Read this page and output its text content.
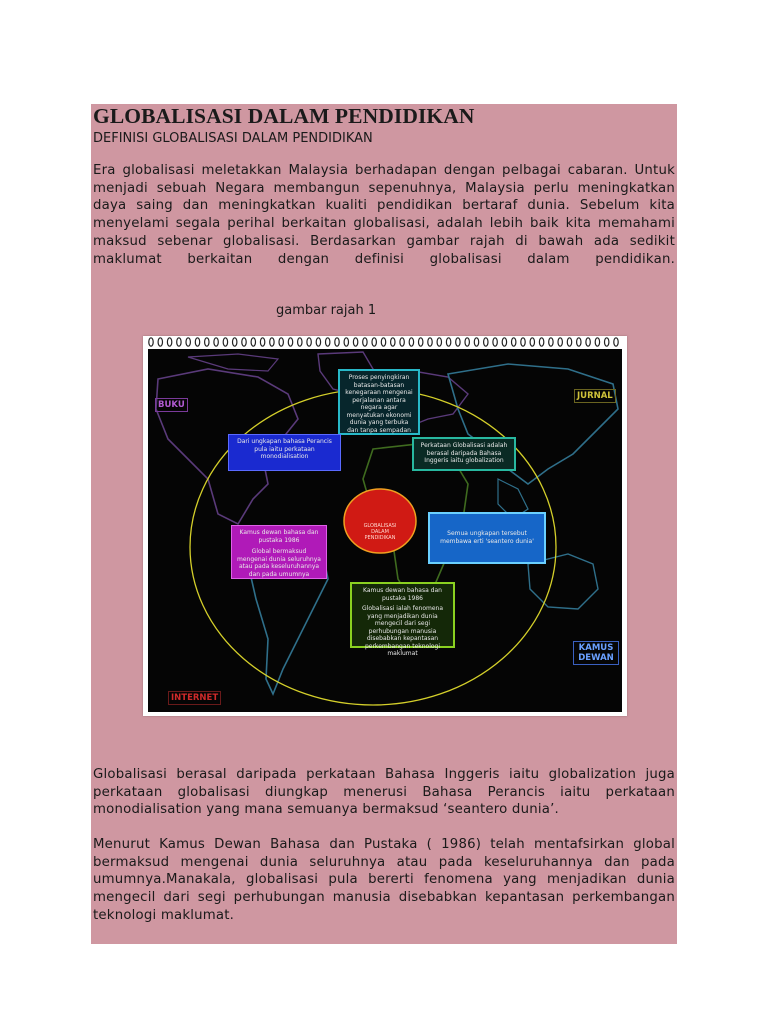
GLOBALISASI DALAM PENDIDIKAN
DEFINISI GLOBALISASI DALAM PENDIDIKAN

Era globalisasi meletakkan Malaysia berhadapan dengan pelbagai cabaran. Untuk menjadi sebuah Negara membangun sepenuhnya, Malaysia perlu meningkatkan daya saing dan meningkatkan kualiti pendidikan bertaraf dunia. Sebelum kita menyelami segala perihal berkaitan globalisasi, adalah lebih baik kita memahami maksud sebenar globalisasi. Berdasarkan gambar rajah di bawah ada sedikit maklumat berkaitan dengan definisi globalisasi dalam pendidikan.

gambar rajah 1
GLOBALISASI DALAM PENDIDIKAN
BUKU
JURNAL
KAMUS DEWAN
INTERNET
Proses penyingkiran batasan-batasan kenegaraan mengenai perjalanan antara negara agar menyatukan ekonomi dunia yang terbuka dan tanpa sempadan
Dari ungkapan bahasa Perancis pula iaitu perkataan monodialisation
Perkataan Globalisasi adalah berasal daripada Bahasa Inggeris iaitu globalization
Kamus dewan bahasa dan pustaka 1986
Global bermaksud mengenai dunia seluruhnya atau pada keseluruhannya dan pada umumnya
Semua ungkapan tersebut membawa erti 'seantero dunia'
Kamus dewan bahasa dan pustaka 1986
Globalisasi ialah fenomena yang menjadikan dunia mengecil dari segi perhubungan manusia disebabkan kepantasan perkembangan teknologi maklumat

Globalisasi berasal daripada perkataan Bahasa Inggeris iaitu globalization juga perkataan globalisasi diungkap menerusi Bahasa Perancis iaitu perkataan monodialisation yang mana semuanya bermaksud ‘seantero dunia’.

Menurut Kamus Dewan Bahasa dan Pustaka ( 1986) telah mentafsirkan global bermaksud mengenai dunia seluruhnya atau pada keseluruhannya dan pada umumnya.Manakala, globalisasi pula bererti fenomena yang menjadikan dunia mengecil dari segi perhubungan manusia disebabkan kepantasan perkembangan teknologi maklumat.
